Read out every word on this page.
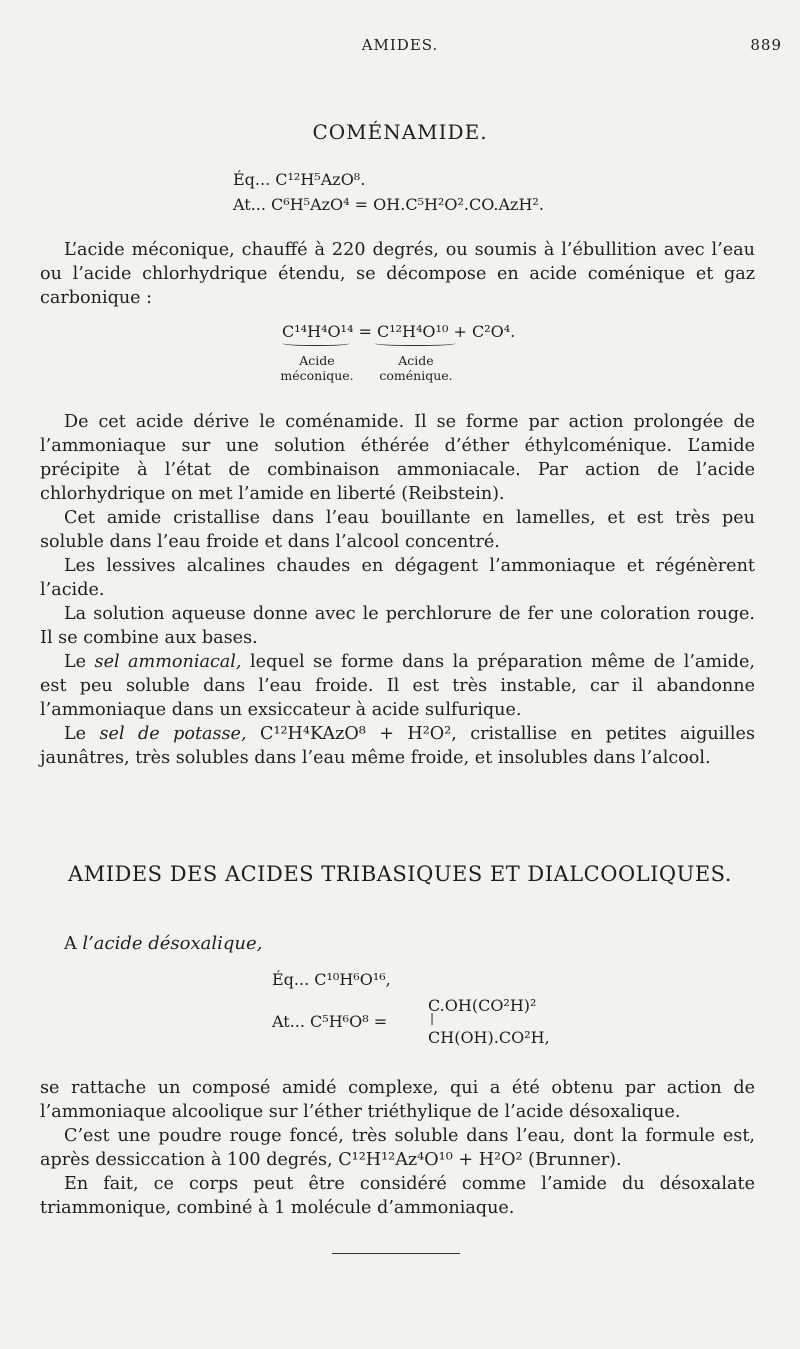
AMIDES.	889
COMÉNAMIDE.
Éq... C¹²H⁵AzO⁸.
At... C⁶H⁵AzO⁴ = OH.C⁵H²O².CO.AzH².

L’acide méconique, chauffé à 220 degrés, ou soumis à l’ébullition avec l’eau ou l’acide chlorhydrique étendu, se décompose en acide coménique et gaz carbonique :

C¹⁴H⁴O¹⁴ = C¹²H⁴O¹⁰ + C²O⁴.
Acide
méconique.
Acide
coménique.

De cet acide dérive le coménamide. Il se forme par action prolongée de l’ammoniaque sur une solution éthérée d’éther éthylcoménique. L’amide précipite à l’état de combinaison ammoniacale. Par action de l’acide chlorhydrique on met l’amide en liberté (Reibstein).

Cet amide cristallise dans l’eau bouillante en lamelles, et est très peu soluble dans l’eau froide et dans l’alcool concentré.

Les lessives alcalines chaudes en dégagent l’ammoniaque et régénèrent l’acide.

La solution aqueuse donne avec le perchlorure de fer une coloration rouge. Il se combine aux bases.

Le sel ammoniacal, lequel se forme dans la préparation même de l’amide, est peu soluble dans l’eau froide. Il est très instable, car il abandonne l’ammoniaque dans un exsiccateur à acide sulfurique.

Le sel de potasse, C¹²H⁴KAzO⁸ + H²O², cristallise en petites aiguilles jaunâtres, très solubles dans l’eau même froide, et insolubles dans l’alcool.

AMIDES DES ACIDES TRIBASIQUES ET DIALCOOLIQUES.

A l’acide désoxalique,

Éq... C¹⁰H⁶O¹⁶,
C.OH(CO²H)²
At... C⁵H⁶O⁸ =	|
CH(OH).CO²H,

se rattache un composé amidé complexe, qui a été obtenu par action de l’ammoniaque alcoolique sur l’éther triéthylique de l’acide désoxalique.

C’est une poudre rouge foncé, très soluble dans l’eau, dont la formule est, après dessiccation à 100 degrés, C¹²H¹²Az⁴O¹⁰ + H²O² (Brunner).

En fait, ce corps peut être considéré comme l’amide du désoxalate triammonique, combiné à 1 molécule d’ammoniaque.
